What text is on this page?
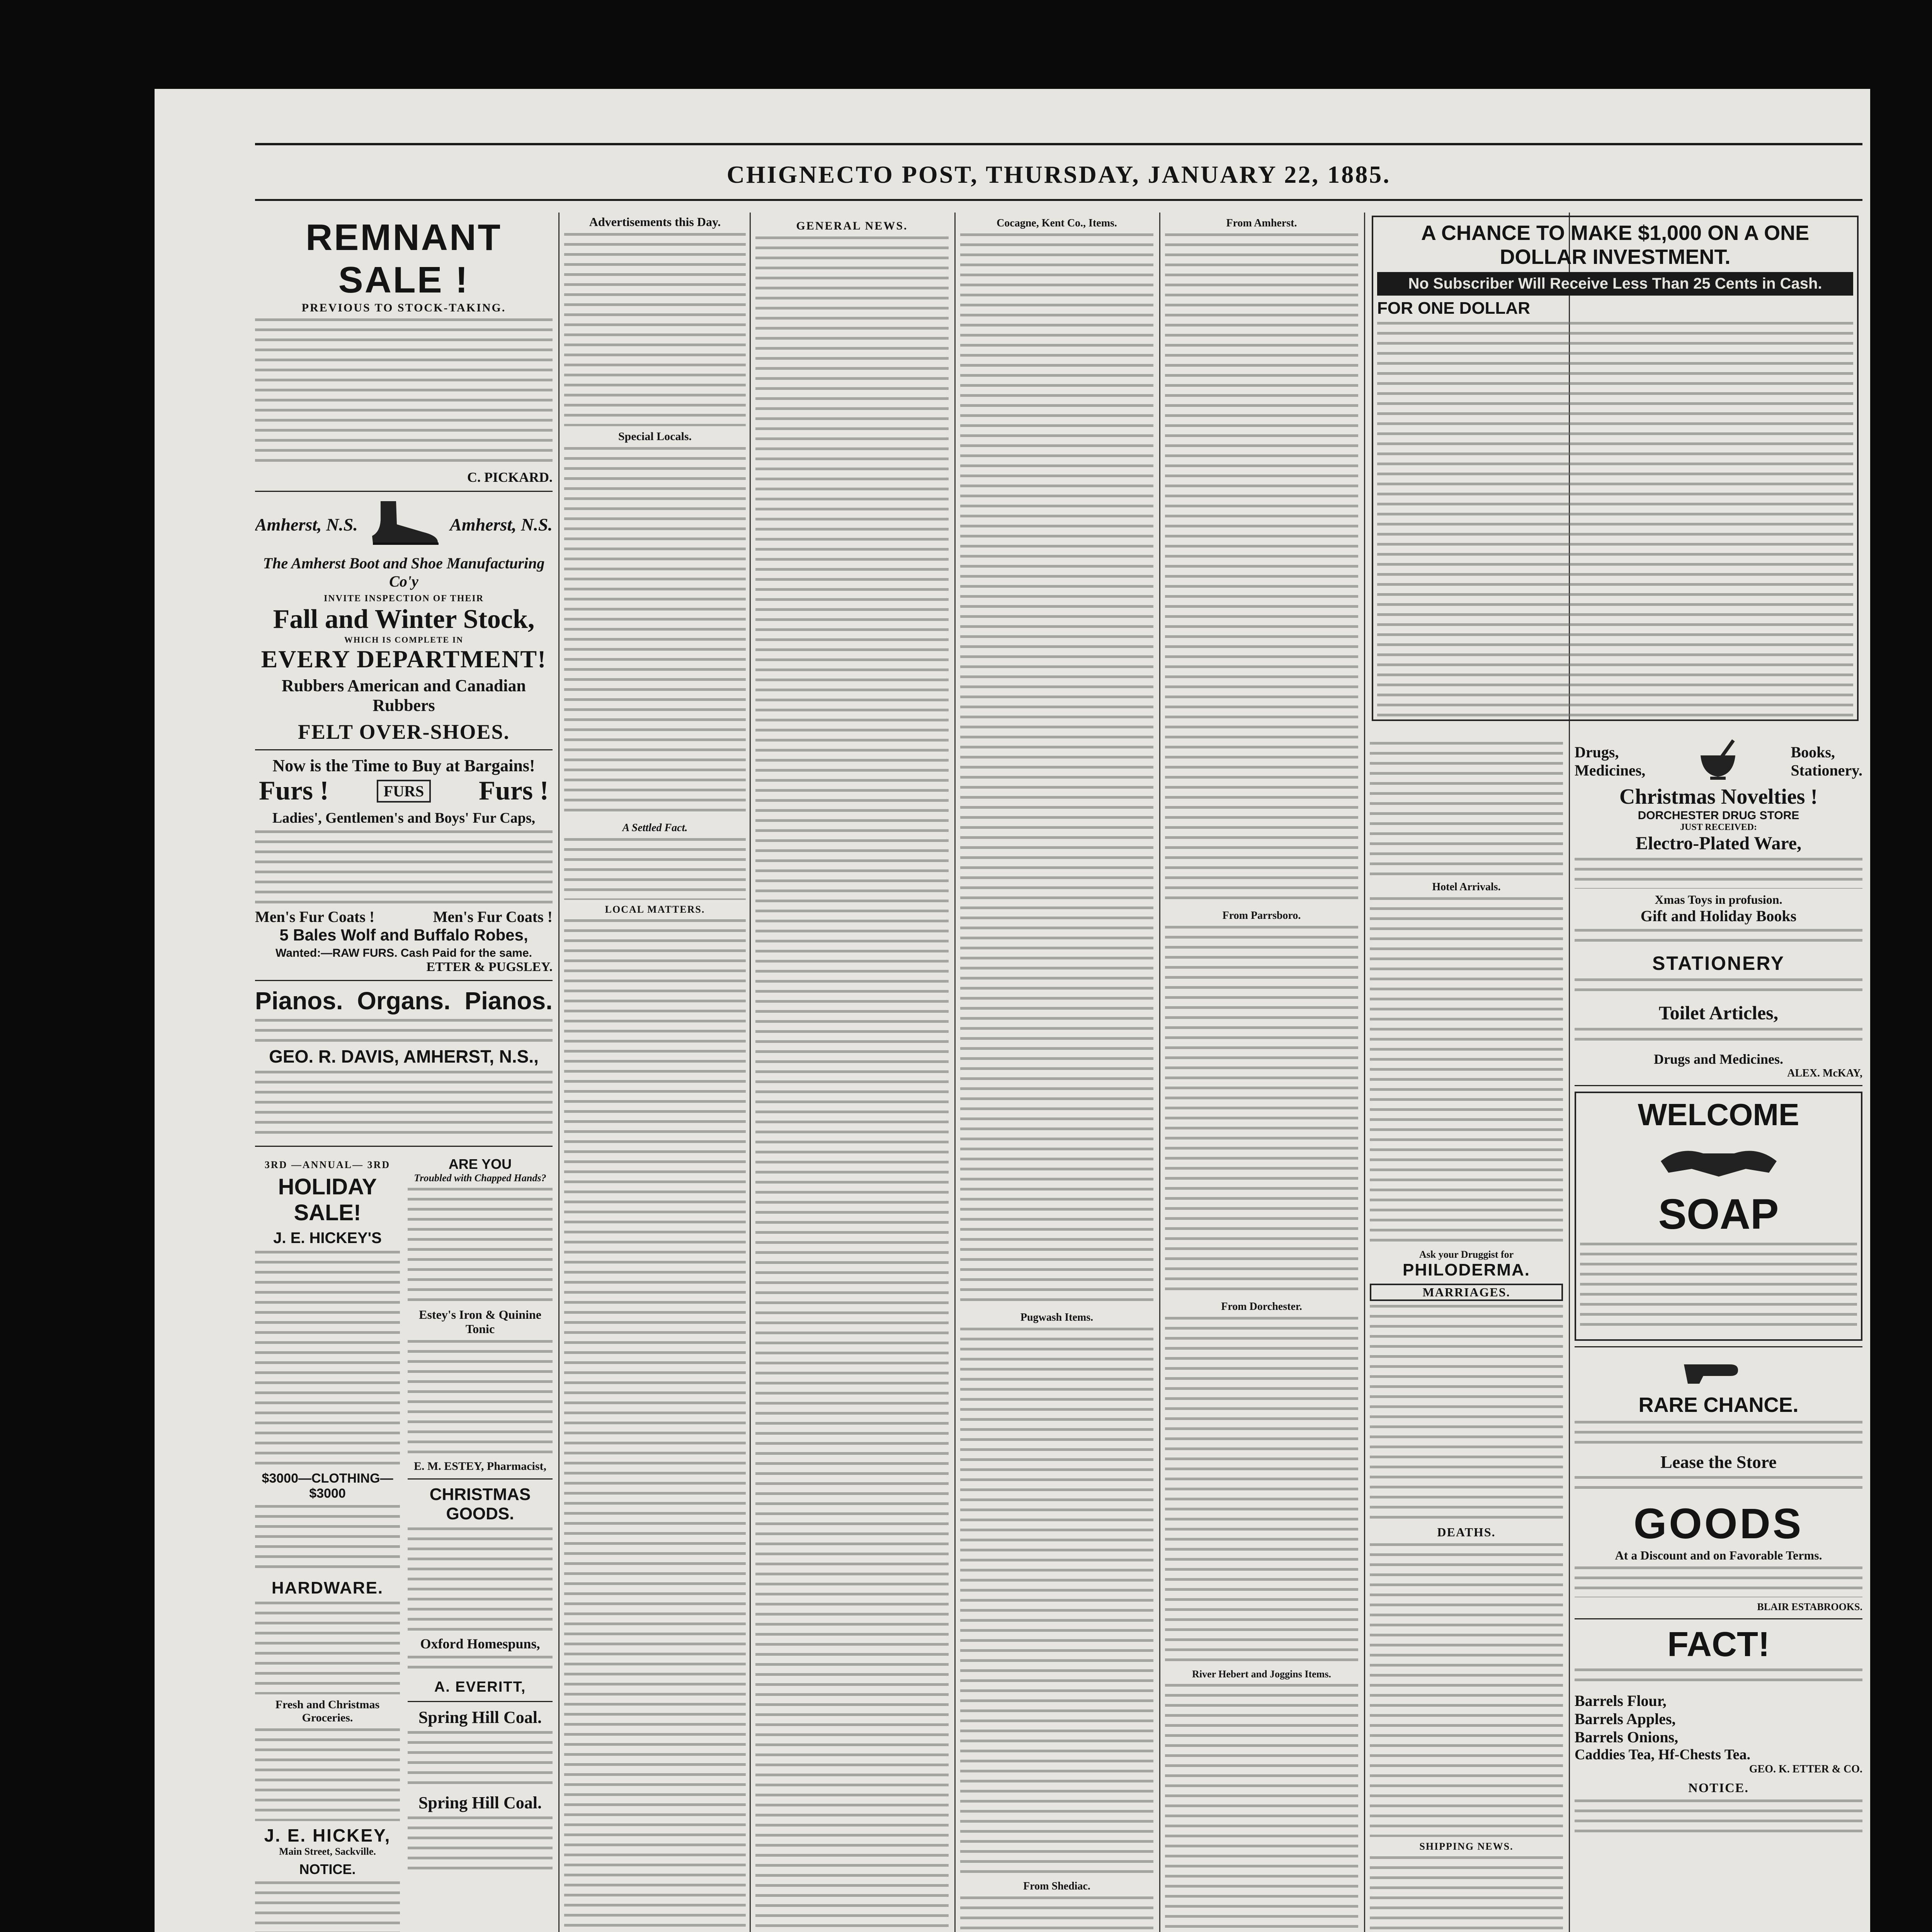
CHIGNECTO POST, THURSDAY, JANUARY 22, 1885.
REMNANT SALE !
PREVIOUS TO STOCK-TAKING.
C. PICKARD.
Amherst, N.S.	Amherst, N.S.
The Amherst Boot and Shoe Manufacturing Co'y
INVITE INSPECTION OF THEIR
Fall and Winter Stock,
WHICH IS COMPLETE IN
EVERY DEPARTMENT!
Rubbers American and Canadian Rubbers
FELT OVER-SHOES.
Now is the Time to Buy at Bargains!
Furs !	FURS Furs !
Ladies', Gentlemen's and Boys' Fur Caps,
Men's Fur Coats !	Men's Fur Coats !
5 Bales Wolf and Buffalo Robes,
Wanted:—RAW FURS. Cash Paid for the same.
ETTER & PUGSLEY.
Pianos. Organs. Pianos.
GEO. R. DAVIS, AMHERST, N.S.,
3RD —ANNUAL— 3RD
HOLIDAY SALE!
J. E. HICKEY'S
$3000—CLOTHING—$3000
HARDWARE.
Fresh and Christmas Groceries.
J. E. HICKEY,
Main Street, Sackville.
NOTICE.
ARE YOU
Troubled with Chapped Hands?
Estey's Iron & Quinine Tonic
E. M. ESTEY, Pharmacist,
CHRISTMAS GOODS.
Oxford Homespuns,
A. EVERITT,
Spring Hill Coal.
Spring Hill Coal.
Advertisements this Day.
Special Locals.
A Settled Fact.
LOCAL MATTERS.
GENERAL NEWS.	Cocagne, Kent Co., Items.
Pugwash Items.
From Shediac.
From Amherst.
From Parrsboro.
From Dorchester.
River Hebert and Joggins Items.
A CHANCE TO MAKE $1,000 ON A ONE DOLLAR INVESTMENT.
No Subscriber Will Receive Less Than 25 Cents in Cash.
FOR ONE DOLLAR
Hotel Arrivals.
Ask your Druggist for
PHILODERMA.
MARRIAGES.
DEATHS.
SHIPPING NEWS.
Drugs,
Medicines,
Books,
Stationery.
Christmas Novelties !
DORCHESTER DRUG STORE
JUST RECEIVED:
Electro-Plated Ware,
Xmas Toys in profusion.
Gift and Holiday Books
STATIONERY
Toilet Articles,
Drugs and Medicines.
ALEX. McKAY,
WELCOME
SOAP
RARE CHANCE.
Lease the Store
GOODS
At a Discount and on Favorable Terms.
BLAIR ESTABROOKS.
FACT!
Barrels Flour,
Barrels Apples,
Barrels Onions,
Caddies Tea, Hf-Chests Tea.
GEO. K. ETTER & CO.
NOTICE.
